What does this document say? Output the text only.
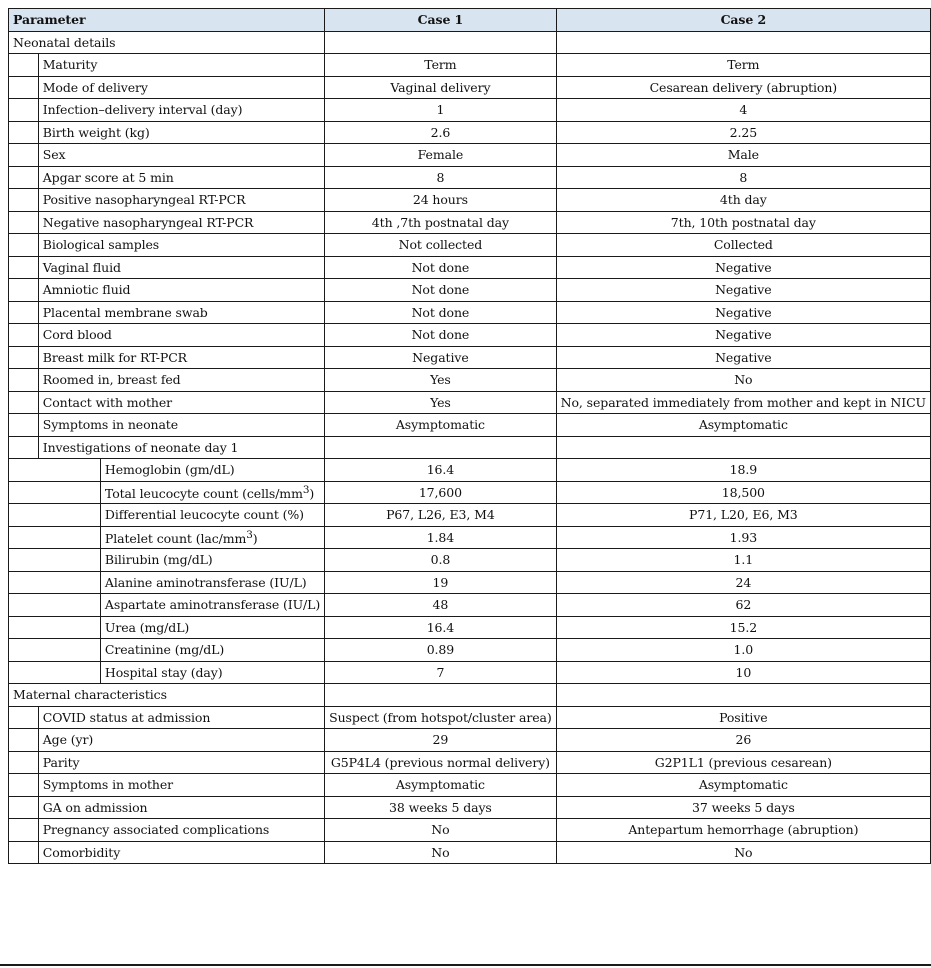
Parameter			Case 1	Case 2
Neonatal details				
	Maturity		Term	Term
	Mode of delivery		Vaginal delivery	Cesarean delivery (abruption)
	Infection–delivery interval (day)		1	4
	Birth weight (kg)		2.6	2.25
	Sex		Female	Male
	Apgar score at 5 min		8	8
	Positive nasopharyngeal RT-PCR		24 hours	4th day
	Negative nasopharyngeal RT-PCR		4th ,7th postnatal day	7th, 10th postnatal day
	Biological samples		Not collected	Collected
	Vaginal fluid		Not done	Negative
	Amniotic fluid		Not done	Negative
	Placental membrane swab		Not done	Negative
	Cord blood		Not done	Negative
	Breast milk for RT-PCR		Negative	Negative
	Roomed in, breast fed		Yes	No
	Contact with mother		Yes	No, separated immediately from mother and kept in NICU
	Symptoms in neonate		Asymptomatic	Asymptomatic
	Investigations of neonate day 1			
		Hemoglobin (gm/dL)	16.4	18.9
		Total leucocyte count $(cells/mm^3)$	17,600	18,500
		Differential leucocyte count (%)	P67, L26, E3, M4	P71, L20, E6, M3
		Platelet count $(lac/mm^3)$	1.84	1.93
		Bilirubin (mg/dL)	0.8	1.1
		Alanine aminotransferase (IU/L)	19	24
		Aspartate aminotransferase (IU/L)	48	62
		Urea (mg/dL)	16.4	15.2
		Creatinine (mg/dL)	0.89	1.0
		Hospital stay (day)	7	10
Maternal characteristics				
	COVID status at admission		Suspect (from hotspot/cluster area)	Positive
	Age (yr)		29	26
	Parity		G5P4L4 (previous normal delivery)	G2P1L1 (previous cesarean)
	Symptoms in mother		Asymptomatic	Asymptomatic
	GA on admission		38 weeks 5 days	37 weeks 5 days
	Pregnancy associated complications		No	Antepartum hemorrhage (abruption)
	Comorbidity		No	No
